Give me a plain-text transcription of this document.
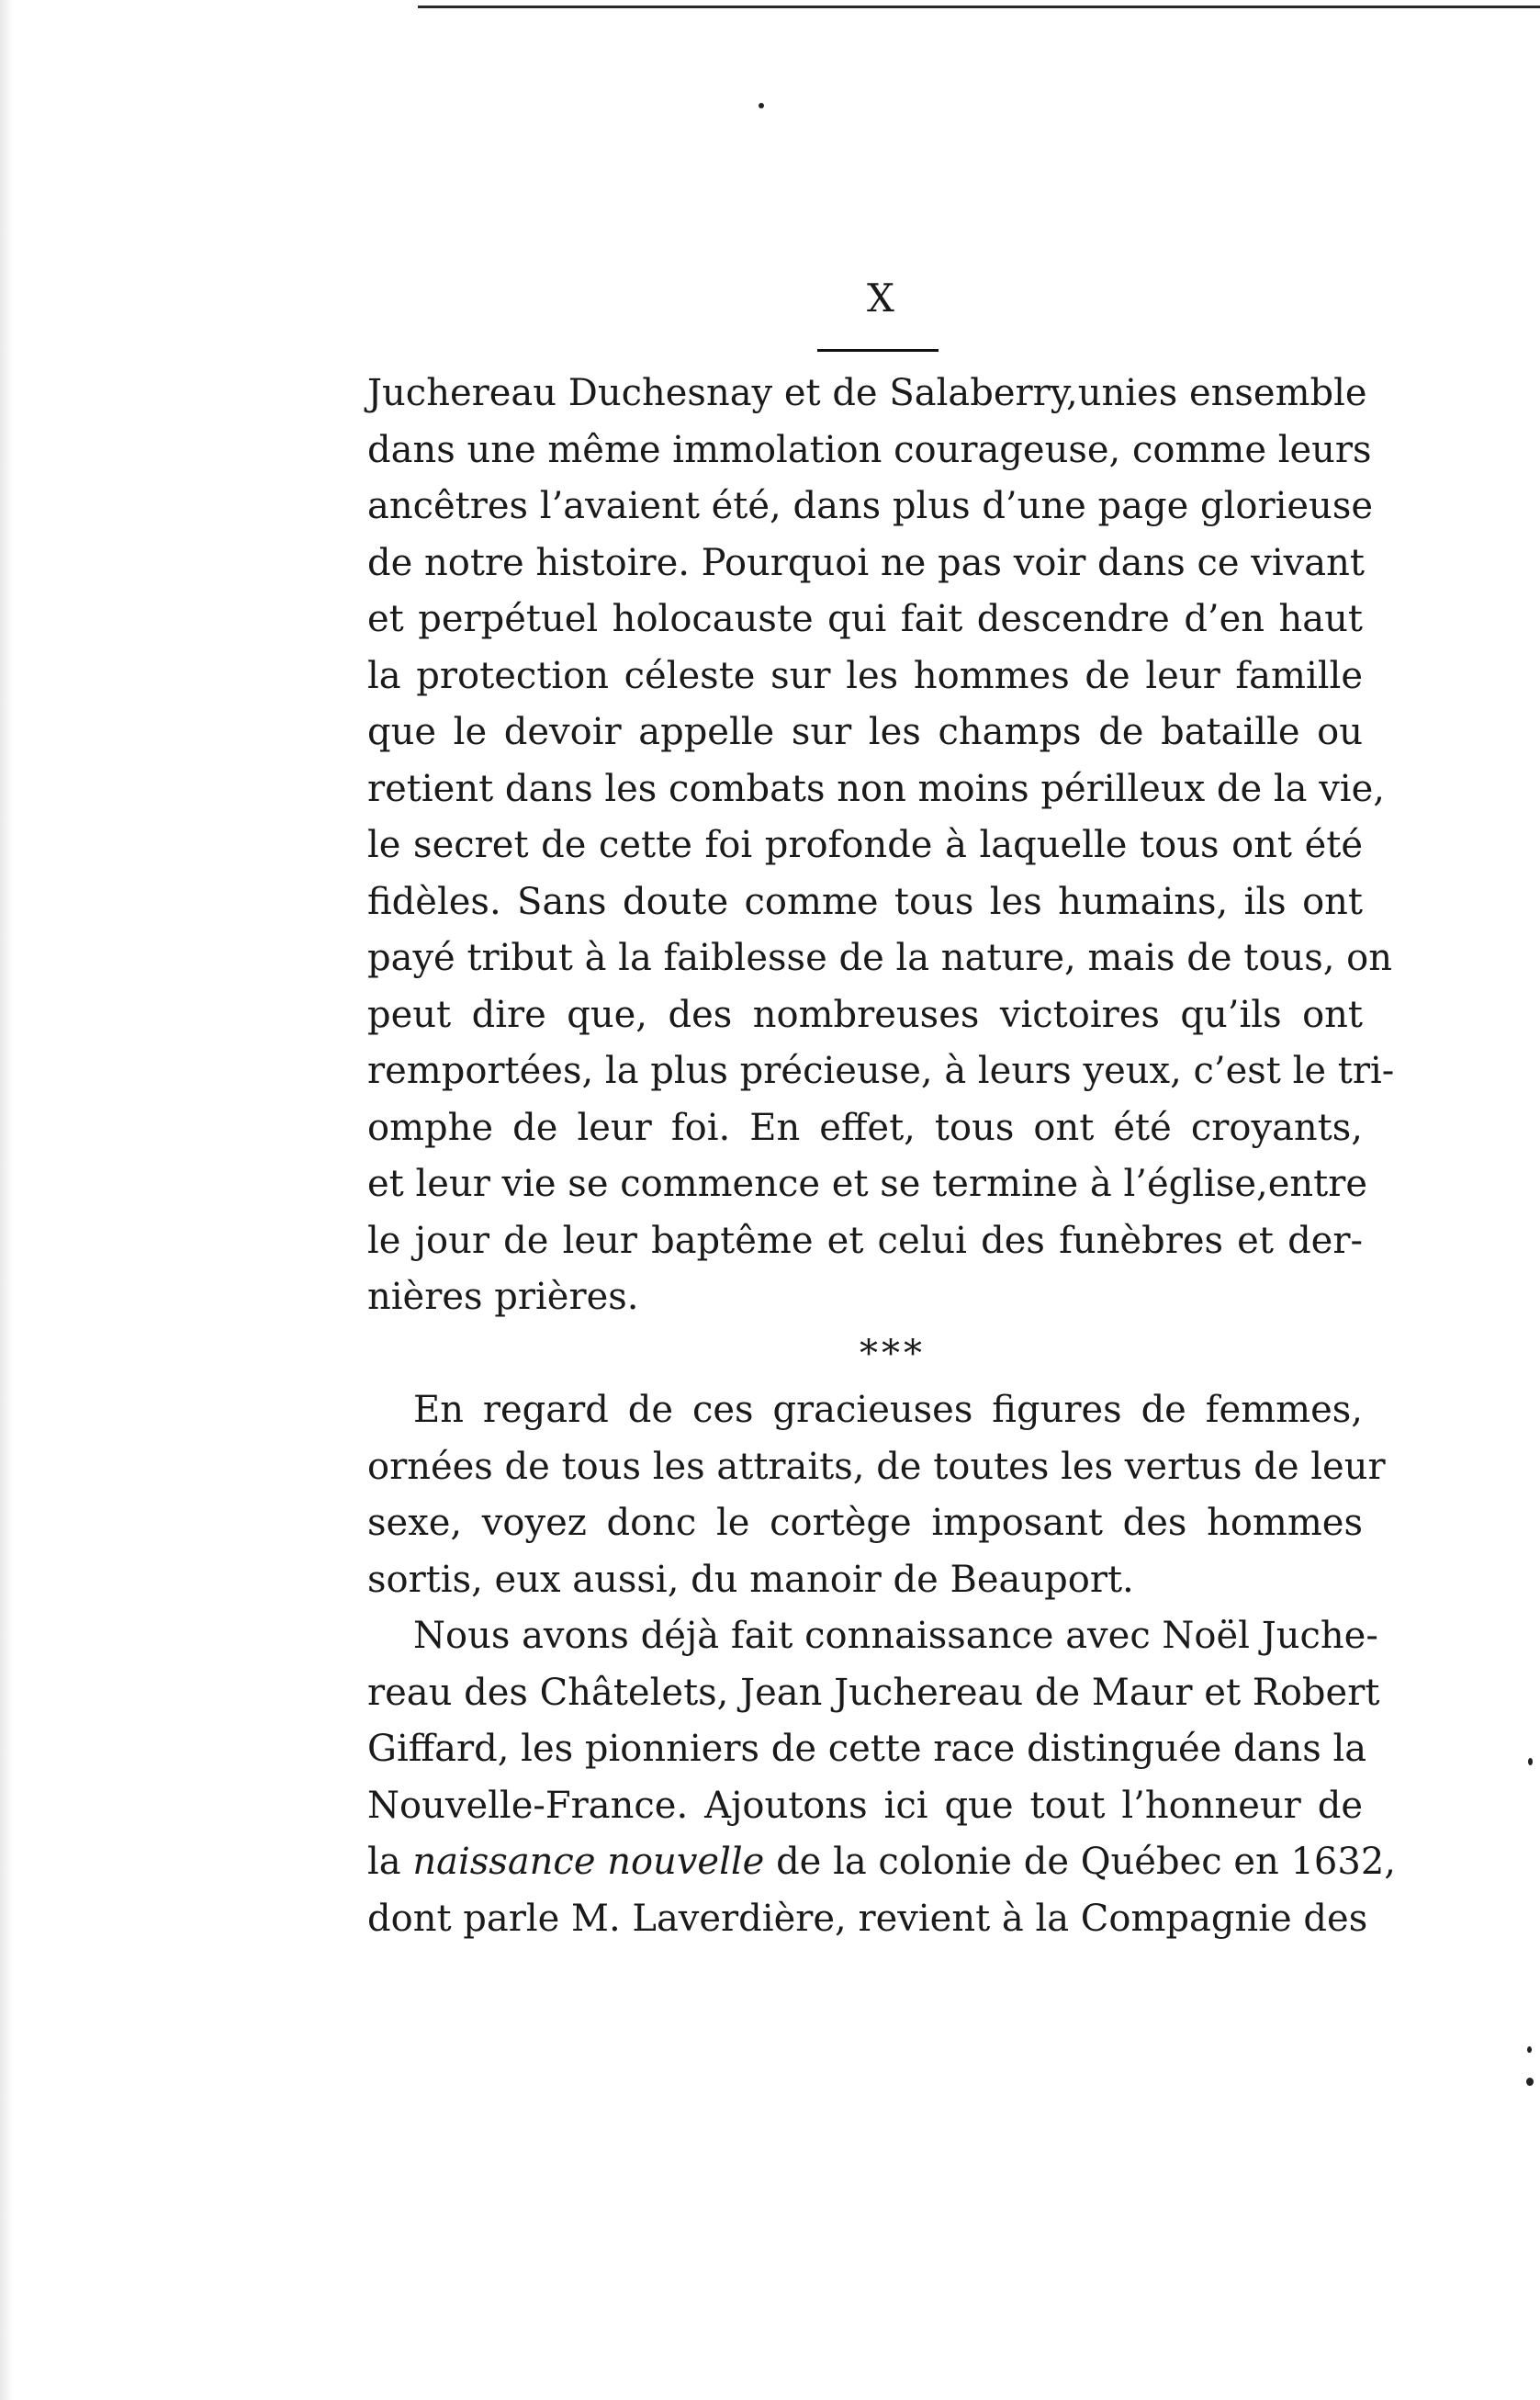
X
Juchereau Duchesnay et de Salaberry,unies ensemble
dans une même immolation courageuse, comme leurs
ancêtres l’avaient été, dans plus d’une page glorieuse
de notre histoire. Pourquoi ne pas voir dans ce vivant
et perpétuel holocauste qui fait descendre d’en haut
la protection céleste sur les hommes de leur famille
que le devoir appelle sur les champs de bataille ou
retient dans les combats non moins périlleux de la vie,
le secret de cette foi profonde à laquelle tous ont été
fidèles. Sans doute comme tous les humains, ils ont
payé tribut à la faiblesse de la nature, mais de tous, on
peut dire que, des nombreuses victoires qu’ils ont
remportées, la plus précieuse, à leurs yeux, c’est le tri-
omphe de leur foi. En effet, tous ont été croyants,
et leur vie se commence et se termine à l’église,entre
le jour de leur baptême et celui des funèbres et der-
nières prières.
***
En regard de ces gracieuses figures de femmes,
ornées de tous les attraits, de toutes les vertus de leur
sexe, voyez donc le cortège imposant des hommes
sortis, eux aussi, du manoir de Beauport.
Nous avons déjà fait connaissance avec Noël Juche-
reau des Châtelets, Jean Juchereau de Maur et Robert
Giffard, les pionniers de cette race distinguée dans la
Nouvelle-France. Ajoutons ici que tout l’honneur de
la naissance nouvelle de la colonie de Québec en 1632,
dont parle M. Laverdière, revient à la Compagnie des
